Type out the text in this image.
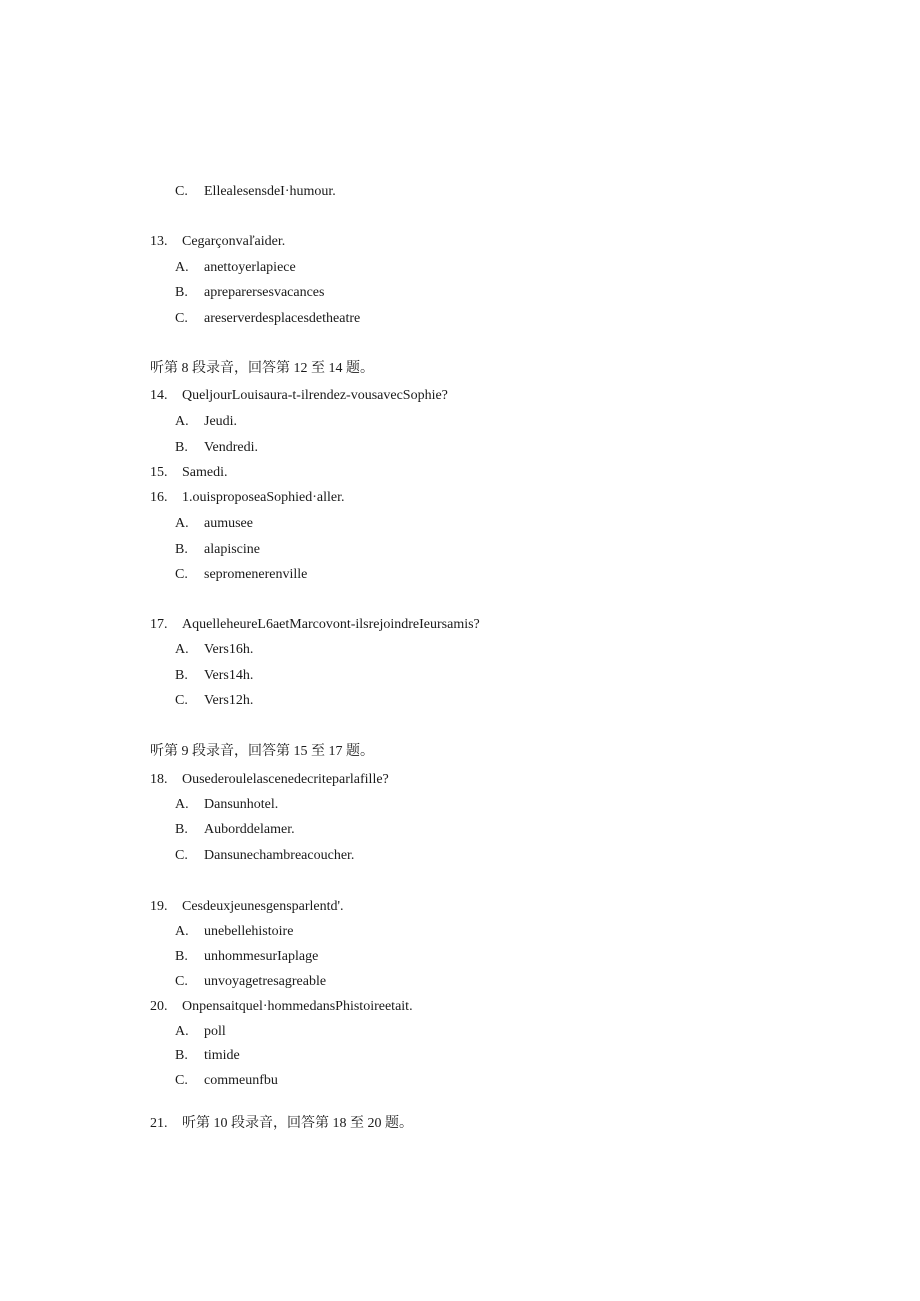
C. EllealesensdeI·humour.
13. Cegarçonvaľaider.
A. anettoyerlapiece
B. apreparersesvacances
C. areserverdesplacesdetheatre
听第 8 段录音，回答第 12 至 14 题。
14. QueljourLouisaura-t-ilrendez-vousavecSophie?
A. Jeudi.
B. Vendredi.
15. Samedi.
16. 1.ouisproposeaSophied·aller.
A. aumusee
B. alapiscine
C. sepromenerenville
17. AquelleheureL6aetMarcovont-ilsrejoindreIeursamis?
A. Vers16h.
B. Vers14h.
C. Vers12h.
听第 9 段录音，回答第 15 至 17 题。
18. Ousederoulelascenedecriteparlafille?
A. Dansunhotel.
B. Auborddelamer.
C. Dansunechambreacoucher.
19. Cesdeuxjeunesgensparlentd'.
A. unebellehistoire
B. unhommesurIaplage
C. unvoyagetresagreable
20. Onpensaitquel·hommedansPhistoireetait.
A. poll
B. timide
C. commeunfbu
21. 听第 10 段录音，回答第 18 至 20 题。
